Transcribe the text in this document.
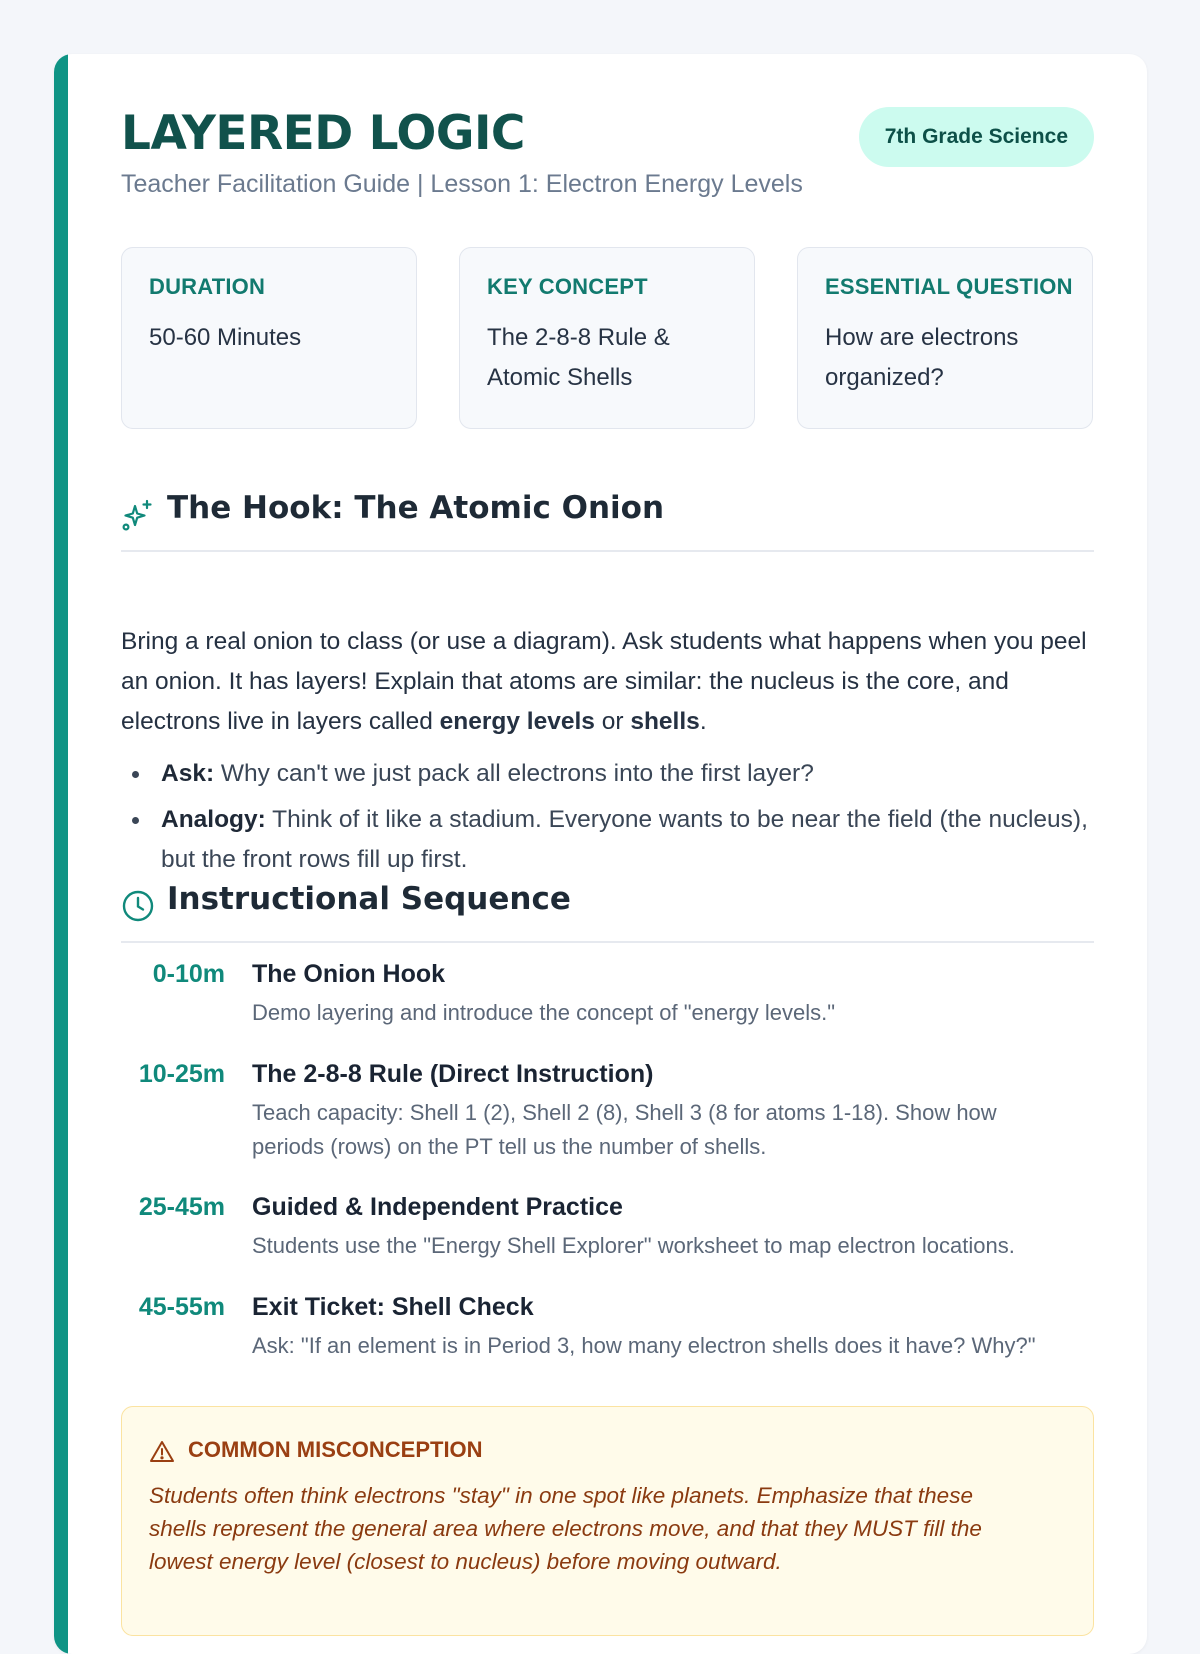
LAYERED LOGIC
Teacher Facilitation Guide | Lesson 1: Electron Energy Levels
7th Grade Science
DURATION
50-60 Minutes
KEY CONCEPT
The 2-8-8 Rule & Atomic Shells
ESSENTIAL QUESTION
How are electrons organized?
The Hook: The Atomic Onion
Bring a real onion to class (or use a diagram). Ask students what happens when you peel an onion. It has layers! Explain that atoms are similar: the nucleus is the core, and electrons live in layers called energy levels or shells.
Ask: Why can't we just pack all electrons into the first layer?
Analogy: Think of it like a stadium. Everyone wants to be near the field (the nucleus), but the front rows fill up first.
Instructional Sequence
0-10m The Onion Hook
Demo layering and introduce the concept of "energy levels."
10-25m The 2-8-8 Rule (Direct Instruction)
Teach capacity: Shell 1 (2), Shell 2 (8), Shell 3 (8 for atoms 1-18). Show how periods (rows) on the PT tell us the number of shells.
25-45m Guided & Independent Practice
Students use the "Energy Shell Explorer" worksheet to map electron locations.
45-55m Exit Ticket: Shell Check
Ask: "If an element is in Period 3, how many electron shells does it have? Why?"
COMMON MISCONCEPTION
Students often think electrons "stay" in one spot like planets. Emphasize that these shells represent the general area where electrons move, and that they MUST fill the lowest energy level (closest to nucleus) before moving outward.
